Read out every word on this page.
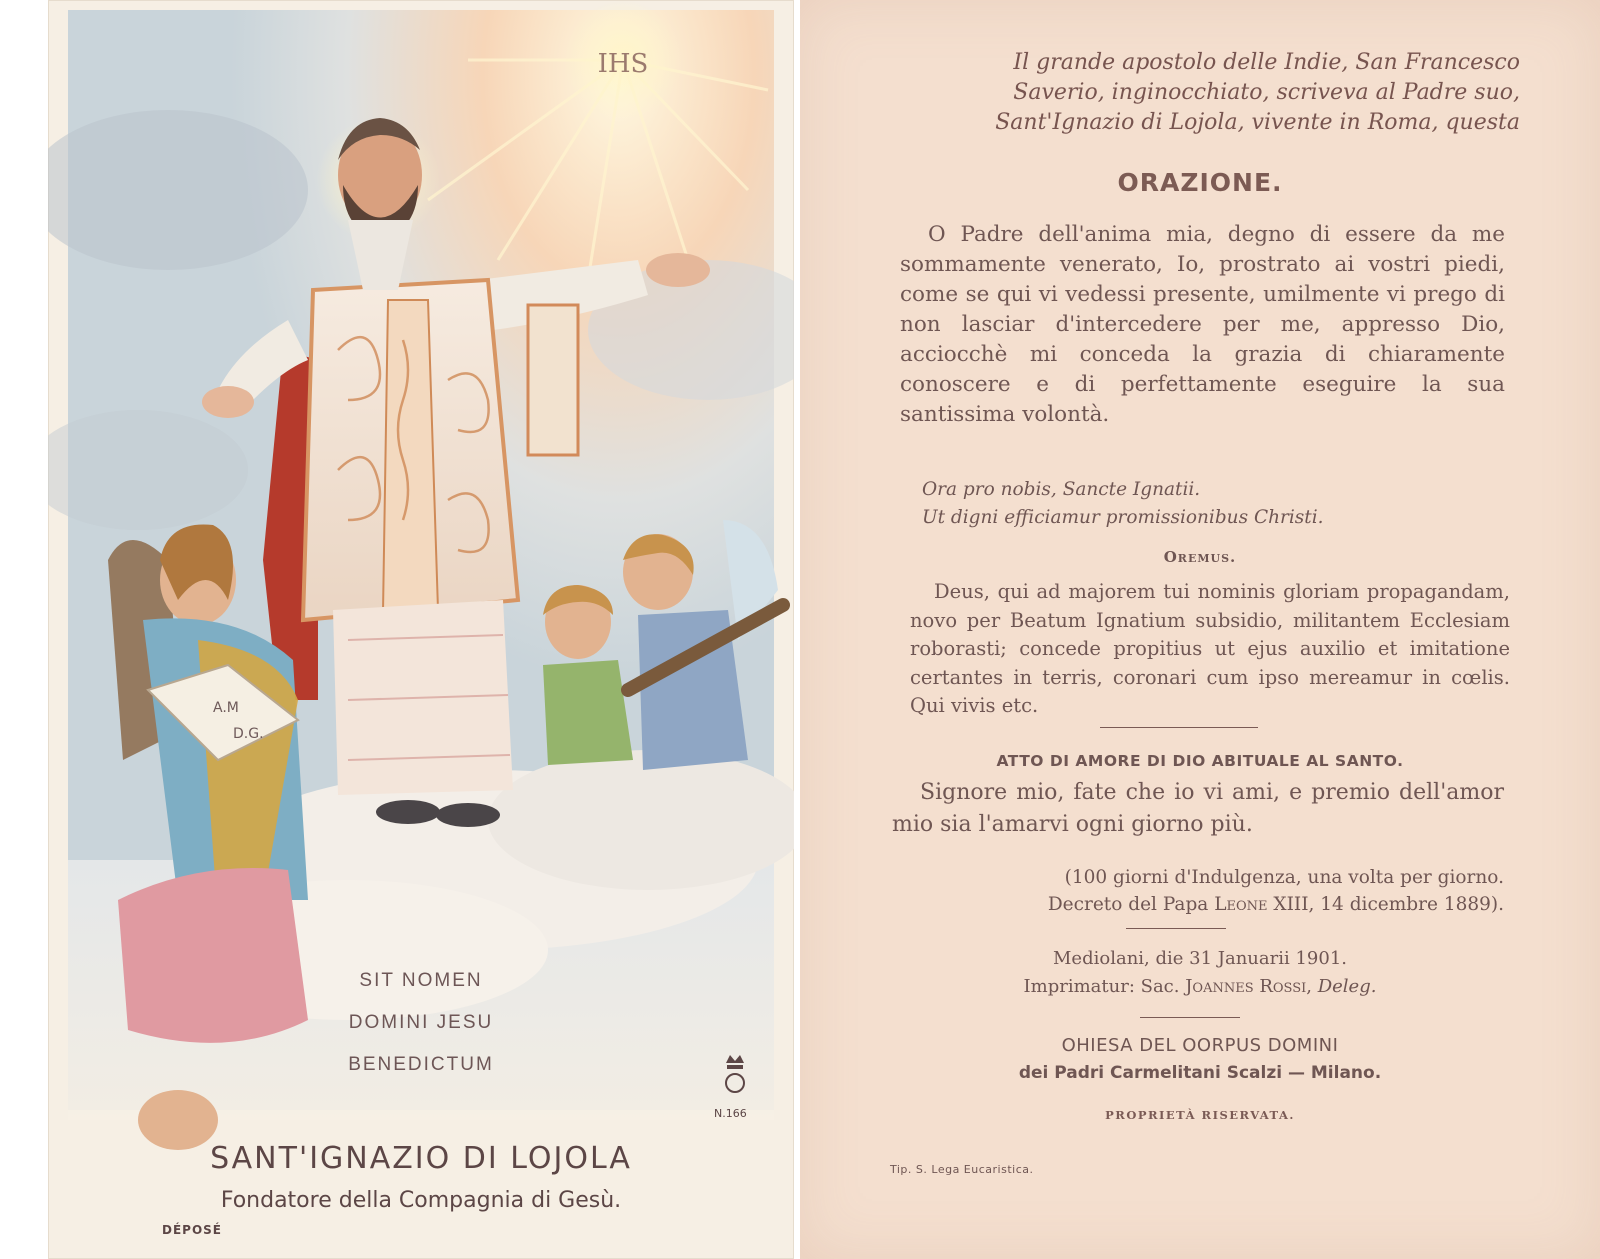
IHS
A.M
D.G.
N.166
SIT NOMEN
DOMINI JESU
BENEDICTUM
SANT'IGNAZIO DI LOJOLA
Fondatore della Compagnia di Gesù.
DÉPOSÉ
Il grande apostolo delle Indie, San Francesco
Saverio, inginocchiato, scriveva al Padre suo,
Sant'Ignazio di Lojola, vivente in Roma, questa
ORAZIONE.

O Padre dell'anima mia, degno di essere da me sommamente venerato, Io, prostrato ai vostri piedi, come se qui vi vedessi presente, umilmente vi prego di non lasciar d'intercedere per me, appresso Dio, acciocchè mi conceda la grazia di chiaramente conoscere e di perfettamente eseguire la sua santissima volontà.

Ora pro nobis, Sancte Ignatii.
Ut digni efficiamur promissionibus Christi.
Oremus.
Deus, qui ad majorem tui nominis gloriam propagandam, novo per Beatum Ignatium subsidio, militantem Ecclesiam roborasti; concede propitius ut ejus auxilio et imitatione certantes in terris, coronari cum ipso mereamur in cœlis. Qui vivis etc.
ATTO DI AMORE DI DIO ABITUALE AL SANTO.
Signore mio, fate che io vi ami, e premio dell'amor mio sia l'amarvi ogni giorno più.
(100 giorni d'Indulgenza, una volta per giorno.
Decreto del Papa Leone XIII, 14 dicembre 1889).
Mediolani, die 31 Januarii 1901.
Imprimatur: Sac. Joannes Rossi, Deleg.
OHIESA DEL OORPUS DOMINI
dei Padri Carmelitani Scalzi — Milano.
PROPRIETÀ RISERVATA.
Tip. S. Lega Eucaristica.
